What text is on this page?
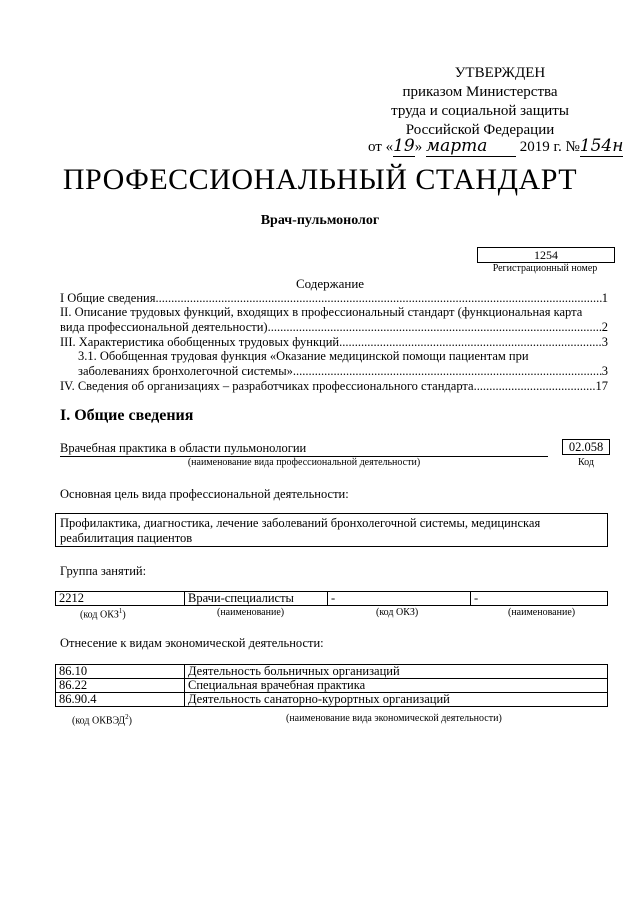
УТВЕРЖДЕН
приказом Министерства
труда и социальной защиты
Российской Федерации
от «19» марта 2019 г. №154н
ПРОФЕССИОНАЛЬНЫЙ СТАНДАРТ
Врач-пульмонолог
1254
Регистрационный номер
Содержание
I Общие сведения .....	1
II. Описание трудовых функций, входящих в профессиональный стандарт (функциональная карта
вида профессиональной деятельности) .....	2
III. Характеристика обобщенных трудовых функций .....	3
3.1. Обобщенная трудовая функция «Оказание медицинской помощи пациентам при
заболеваниях бронхолегочной системы» .....	3
IV. Сведения об организациях – разработчиках профессионального стандарта .....	17
I. Общие сведения
Врачебная практика в области пульмонологии
(наименование вида профессиональной деятельности)
02.058
Код
Основная цель вида профессиональной деятельности:
Профилактика, диагностика, лечение заболеваний бронхолегочной системы, медицинская
реабилитация пациентов
Группа занятий:
2212	Врачи-специалисты	-	-
(код ОКЗ$^1$)	(наименование)	(код ОКЗ)	(наименование)
Отнесение к видам экономической деятельности:
86.10	Деятельность больничных организаций
86.22	Специальная врачебная практика
86.90.4	Деятельность санаторно-курортных организаций
(код ОКВЭД$^2$)	(наименование вида экономической деятельности)
